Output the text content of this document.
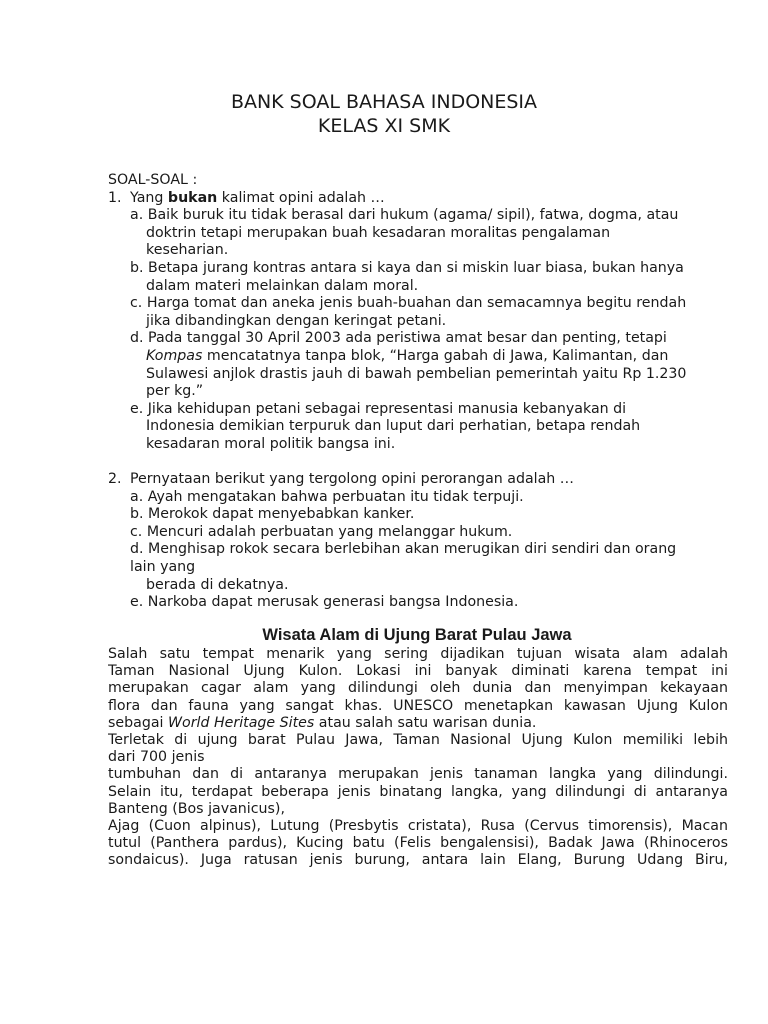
BANK SOAL BAHASA INDONESIA
KELAS XI SMK
SOAL-SOAL :
1. Yang bukan kalimat opini adalah …
a. Baik buruk itu tidak berasal dari hukum (agama/ sipil), fatwa, dogma, atau
doktrin tetapi merupakan buah kesadaran moralitas pengalaman
keseharian.
b. Betapa jurang kontras antara si kaya dan si miskin luar biasa, bukan hanya
dalam materi melainkan dalam moral.
c. Harga tomat dan aneka jenis buah-buahan dan semacamnya begitu rendah
jika dibandingkan dengan keringat petani.
d. Pada tanggal 30 April 2003 ada peristiwa amat besar dan penting, tetapi
Kompas mencatatnya tanpa blok, “Harga gabah di Jawa, Kalimantan, dan
Sulawesi anjlok drastis jauh di bawah pembelian pemerintah yaitu Rp 1.230
per kg.”
e. Jika kehidupan petani sebagai representasi manusia kebanyakan di
Indonesia demikian terpuruk dan luput dari perhatian, betapa rendah
kesadaran moral politik bangsa ini.
2. Pernyataan berikut yang tergolong opini perorangan adalah …
a. Ayah mengatakan bahwa perbuatan itu tidak terpuji.
b. Merokok dapat menyebabkan kanker.
c. Mencuri adalah perbuatan yang melanggar hukum.
d. Menghisap rokok secara berlebihan akan merugikan diri sendiri dan orang
lain yang
berada di dekatnya.
e. Narkoba dapat merusak generasi bangsa Indonesia.
Wisata Alam di Ujung Barat Pulau Jawa
Salah satu tempat menarik yang sering dijadikan tujuan wisata alam adalah
Taman Nasional Ujung Kulon. Lokasi ini banyak diminati karena tempat ini
merupakan cagar alam yang dilindungi oleh dunia dan menyimpan kekayaan
flora dan fauna yang sangat khas. UNESCO menetapkan kawasan Ujung Kulon
sebagai World Heritage Sites atau salah satu warisan dunia.
Terletak di ujung barat Pulau Jawa, Taman Nasional Ujung Kulon memiliki lebih
dari 700 jenis
tumbuhan dan di antaranya merupakan jenis tanaman langka yang dilindungi.
Selain itu, terdapat beberapa jenis binatang langka, yang dilindungi di antaranya
Banteng (Bos javanicus),
Ajag (Cuon alpinus), Lutung (Presbytis cristata), Rusa (Cervus timorensis), Macan
tutul (Panthera pardus), Kucing batu (Felis bengalensisi), Badak Jawa (Rhinoceros
sondaicus). Juga ratusan jenis burung, antara lain Elang, Burung Udang Biru,
